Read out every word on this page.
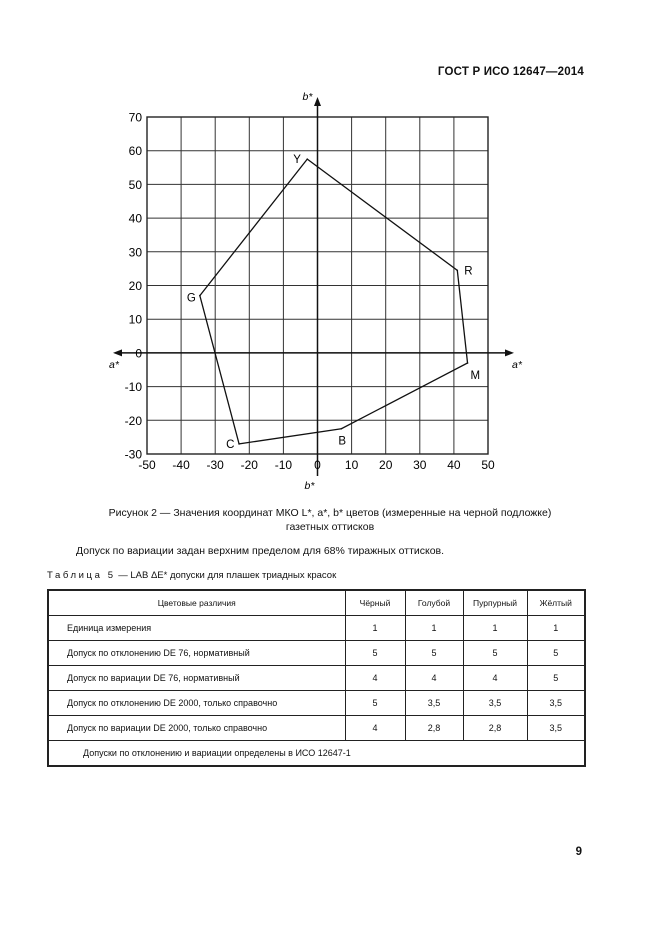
ГОСТ Р ИСО 12647—2014
-50 -40 -30 -20 -10 0 10 20 30 40 50
-30
-20
-10
0
10
20
30
40
50
60
70
a*
a*
b*
b*
Y
R
M
B
C
G
Рисунок 2 — Значения координат МКО L*, a*, b* цветов (измеренные на черной подложке)
газетных оттисков
Допуск по вариации задан верхним пределом для 68% тиражных оттисков.
Таблица 5 — LAB ΔE* допуски для плашек триадных красок
Цветовые различия	Чёрный	Голубой	Пурпурный	Жёлтый
Единица измерения	1	1	1	1
Допуск по отклонению DE 76, нормативный	5	5	5	5
Допуск по вариации DE 76, нормативный	4	4	4	5
Допуск по отклонению DE 2000, только справочно	5	3,5	3,5	3,5
Допуск по вариации DE 2000, только справочно	4	2,8	2,8	3,5
Допуски по отклонению и вариации определены в ИСО 12647-1				
9
